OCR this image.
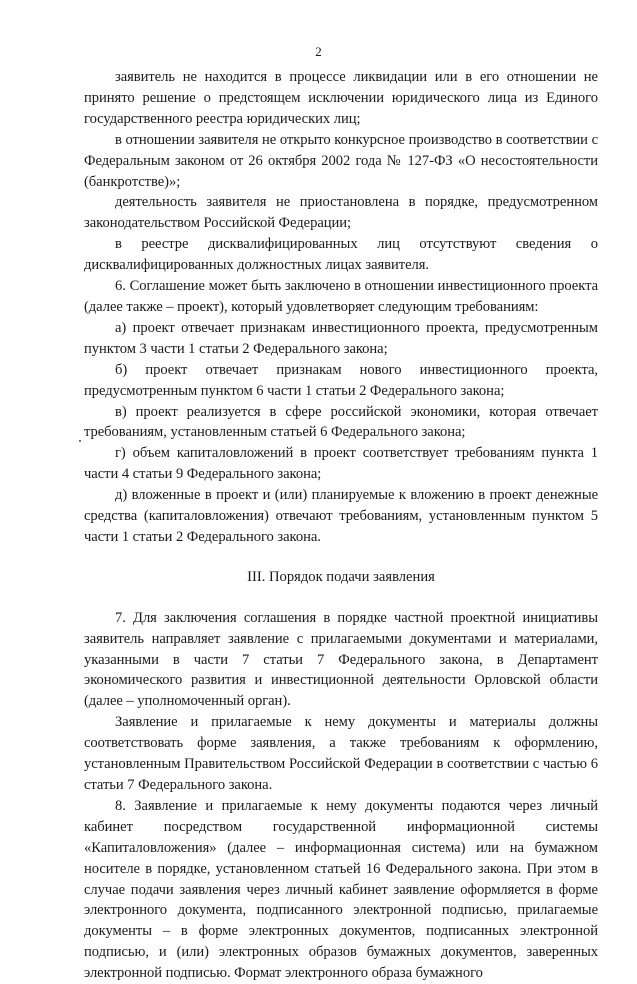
2

заявитель не находится в процессе ликвидации или в его отношении не принято решение о предстоящем исключении юридического лица из Единого государственного реестра юридических лиц;

в отношении заявителя не открыто конкурсное производство в соответствии с Федеральным законом от 26 октября 2002 года № 127-ФЗ «О несостоятельности (банкротстве)»;

деятельность заявителя не приостановлена в порядке, предусмотренном законодательством Российской Федерации;

в реестре дисквалифицированных лиц отсутствуют сведения о дисквалифицированных должностных лицах заявителя.

6. Соглашение может быть заключено в отношении инвестиционного проекта (далее также – проект), который удовлетворяет следующим требованиям:

а) проект отвечает признакам инвестиционного проекта, предусмотренным пунктом 3 части 1 статьи 2 Федерального закона;

б) проект отвечает признакам нового инвестиционного проекта, предусмотренным пунктом 6 части 1 статьи 2 Федерального закона;

в) проект реализуется в сфере российской экономики, которая отвечает требованиям, установленным статьей 6 Федерального закона;

г) объем капиталовложений в проект соответствует требованиям пункта 1 части 4 статьи 9 Федерального закона;

д) вложенные в проект и (или) планируемые к вложению в проект денежные средства (капиталовложения) отвечают требованиям, установленным пунктом 5 части 1 статьи 2 Федерального закона.

III. Порядок подачи заявления

7. Для заключения соглашения в порядке частной проектной инициативы заявитель направляет заявление с прилагаемыми документами и материалами, указанными в части 7 статьи 7 Федерального закона, в Департамент экономического развития и инвестиционной деятельности Орловской области (далее – уполномоченный орган).

Заявление и прилагаемые к нему документы и материалы должны соответствовать форме заявления, а также требованиям к оформлению, установленным Правительством Российской Федерации в соответствии с частью 6 статьи 7 Федерального закона.

8. Заявление и прилагаемые к нему документы подаются через личный кабинет посредством государственной информационной системы «Капиталовложения» (далее – информационная система) или на бумажном носителе в порядке, установленном статьей 16 Федерального закона. При этом в случае подачи заявления через личный кабинет заявление оформляется в форме электронного документа, подписанного электронной подписью, прилагаемые документы – в форме электронных документов, подписанных электронной подписью, и (или) электронных образов бумажных документов, заверенных электронной подписью. Формат электронного образа бумажного
